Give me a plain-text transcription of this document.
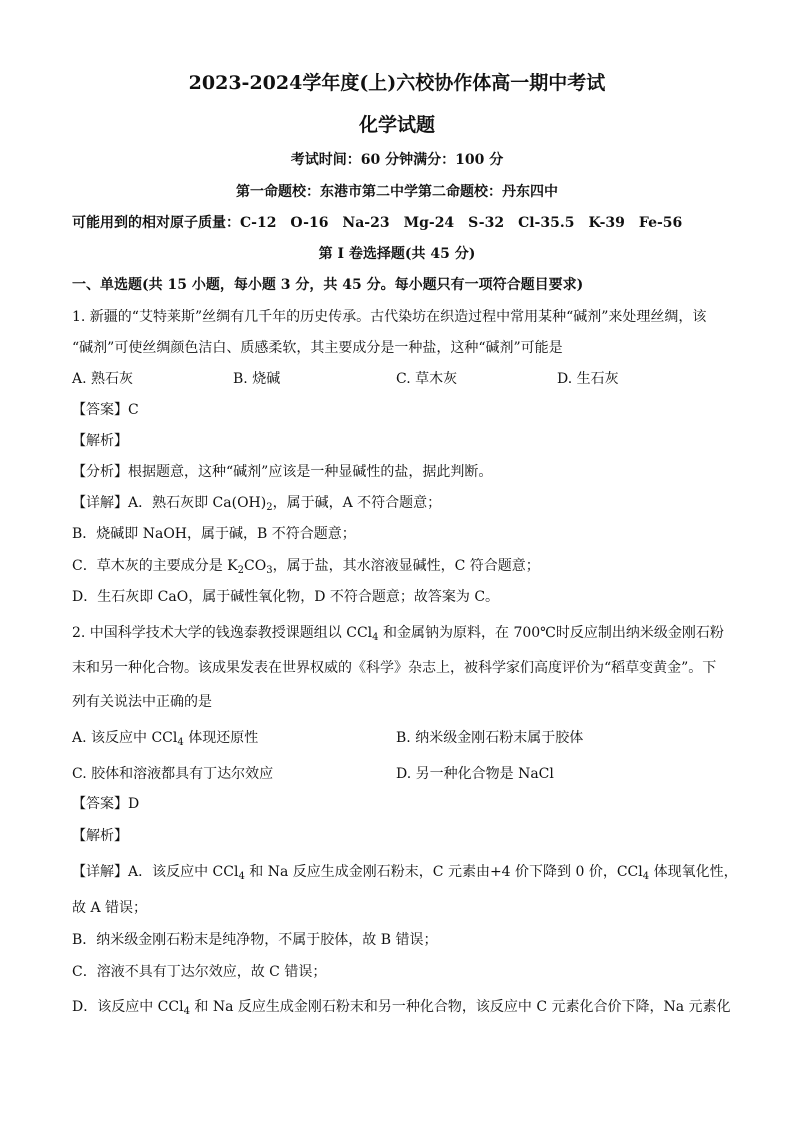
2023-2024学年度(上)六校协作体高一期中考试
化学试题
考试时间：60 分钟满分：100 分
第一命题校：东港市第二中学第二命题校：丹东四中
可能用到的相对原子质量：C-12　O-16　Na-23　Mg-24　S-32　Cl-35.5　K-39　Fe-56
第 I 卷选择题(共 45 分)
一、单选题(共 15 小题，每小题 3 分，共 45 分。每小题只有一项符合题目要求)
1. 新疆的“艾特莱斯”丝绸有几千年的历史传承。古代染坊在织造过程中常用某种“碱剂”来处理丝绸，该
“碱剂”可使丝绸颜色洁白、质感柔软，其主要成分是一种盐，这种“碱剂”可能是
A. 熟石灰	B. 烧碱	C. 草木灰	D. 生石灰
【答案】C
【解析】
【分析】根据题意，这种“碱剂”应该是一种显碱性的盐，据此判断。
【详解】A．熟石灰即 $Ca(OH)_2$，属于碱，A 不符合题意；
B．烧碱即 NaOH，属于碱，B 不符合题意；
C．草木灰的主要成分是 $K_2CO_3$，属于盐，其水溶液显碱性，C 符合题意；
D．生石灰即 CaO，属于碱性氧化物，D 不符合题意；故答案为 C。
2. 中国科学技术大学的钱逸泰教授课题组以 CCl$_4$ 和金属钠为原料，在 700℃时反应制出纳米级金刚石粉
末和另一种化合物。该成果发表在世界权威的《科学》杂志上，被科学家们高度评价为“稻草变黄金”。下
列有关说法中正确的是
A. 该反应中 CCl$_4$ 体现还原性	B. 纳米级金刚石粉末属于胶体
C. 胶体和溶液都具有丁达尔效应	D. 另一种化合物是 NaCl
【答案】D
【解析】
【详解】A．该反应中 CCl$_4$ 和 Na 反应生成金刚石粉末，C 元素由+4 价下降到 0 价，CCl$_4$ 体现氧化性，
故 A 错误；
B．纳米级金刚石粉末是纯净物，不属于胶体，故 B 错误；
C．溶液不具有丁达尔效应，故 C 错误；
D．该反应中 CCl$_4$ 和 Na 反应生成金刚石粉末和另一种化合物，该反应中 C 元素化合价下降，Na 元素化
